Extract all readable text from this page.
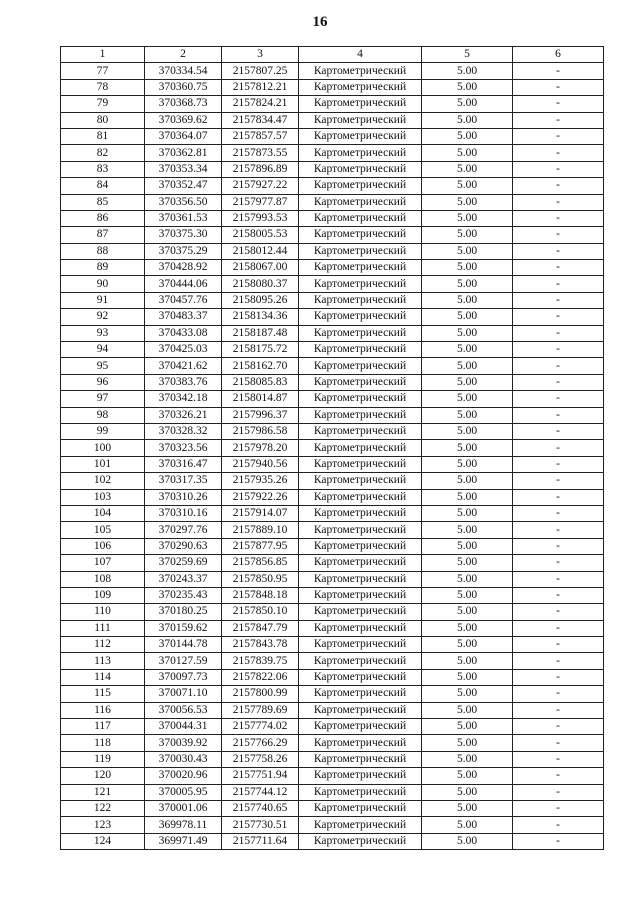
16
1	2	3	4	5	6
77	370334.54	2157807.25	Картометрический	5.00	-
78	370360.75	2157812.21	Картометрический	5.00	-
79	370368.73	2157824.21	Картометрический	5.00	-
80	370369.62	2157834.47	Картометрический	5.00	-
81	370364.07	2157857.57	Картометрический	5.00	-
82	370362.81	2157873.55	Картометрический	5.00	-
83	370353.34	2157896.89	Картометрический	5.00	-
84	370352.47	2157927.22	Картометрический	5.00	-
85	370356.50	2157977.87	Картометрический	5.00	-
86	370361.53	2157993.53	Картометрический	5.00	-
87	370375.30	2158005.53	Картометрический	5.00	-
88	370375.29	2158012.44	Картометрический	5.00	-
89	370428.92	2158067.00	Картометрический	5.00	-
90	370444.06	2158080.37	Картометрический	5.00	-
91	370457.76	2158095.26	Картометрический	5.00	-
92	370483.37	2158134.36	Картометрический	5.00	-
93	370433.08	2158187.48	Картометрический	5.00	-
94	370425.03	2158175.72	Картометрический	5.00	-
95	370421.62	2158162.70	Картометрический	5.00	-
96	370383.76	2158085.83	Картометрический	5.00	-
97	370342.18	2158014.87	Картометрический	5.00	-
98	370326.21	2157996.37	Картометрический	5.00	-
99	370328.32	2157986.58	Картометрический	5.00	-
100	370323.56	2157978.20	Картометрический	5.00	-
101	370316.47	2157940.56	Картометрический	5.00	-
102	370317.35	2157935.26	Картометрический	5.00	-
103	370310.26	2157922.26	Картометрический	5.00	-
104	370310.16	2157914.07	Картометрический	5.00	-
105	370297.76	2157889.10	Картометрический	5.00	-
106	370290.63	2157877.95	Картометрический	5.00	-
107	370259.69	2157856.85	Картометрический	5.00	-
108	370243.37	2157850.95	Картометрический	5.00	-
109	370235.43	2157848.18	Картометрический	5.00	-
110	370180.25	2157850.10	Картометрический	5.00	-
111	370159.62	2157847.79	Картометрический	5.00	-
112	370144.78	2157843.78	Картометрический	5.00	-
113	370127.59	2157839.75	Картометрический	5.00	-
114	370097.73	2157822.06	Картометрический	5.00	-
115	370071.10	2157800.99	Картометрический	5.00	-
116	370056.53	2157789.69	Картометрический	5.00	-
117	370044.31	2157774.02	Картометрический	5.00	-
118	370039.92	2157766.29	Картометрический	5.00	-
119	370030.43	2157758.26	Картометрический	5.00	-
120	370020.96	2157751.94	Картометрический	5.00	-
121	370005.95	2157744.12	Картометрический	5.00	-
122	370001.06	2157740.65	Картометрический	5.00	-
123	369978.11	2157730.51	Картометрический	5.00	-
124	369971.49	2157711.64	Картометрический	5.00	-
